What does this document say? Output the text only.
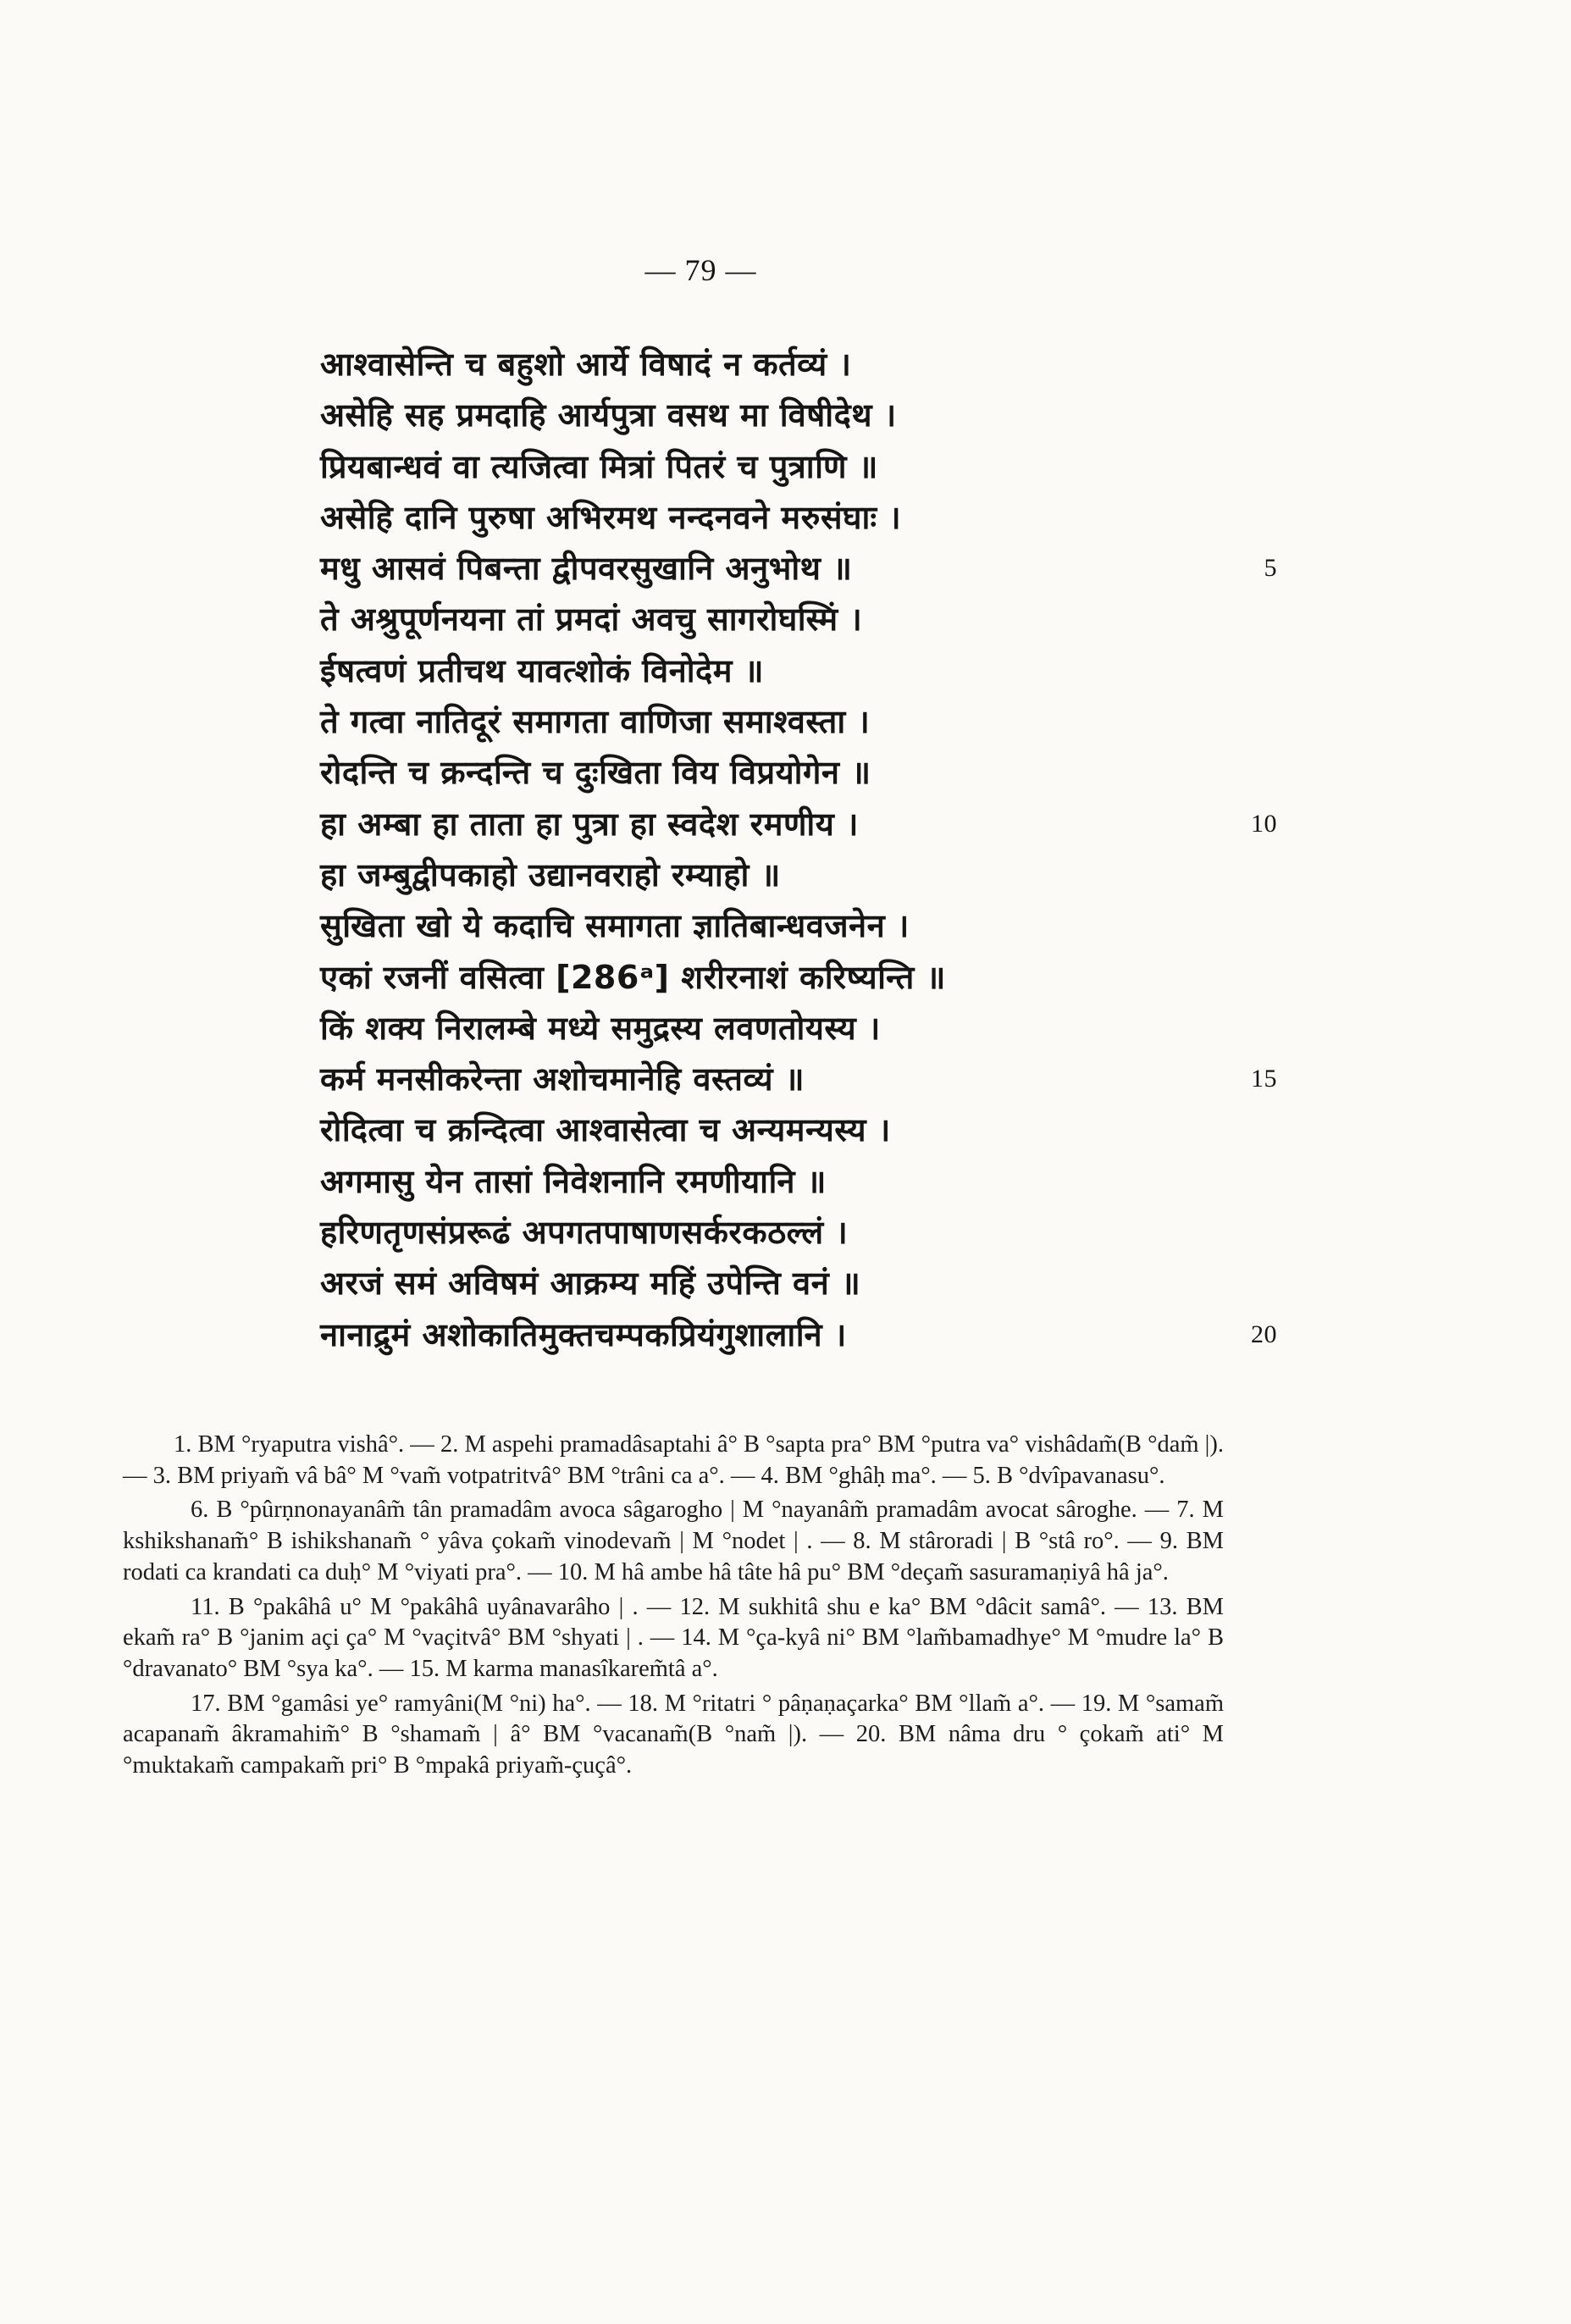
— 79 —
आश्वासेन्ति च बहुशो आर्ये विषादं न कर्तव्यं ।
असेहि सह प्रमदाहि आर्यपुत्रा वसथ मा विषीदेथ ।
प्रियबान्धवं वा त्यजित्वा मित्रां पितरं च पुत्राणि ॥
असेहि दानि पुरुषा अभिरमथ नन्दनवने मरुसंघाः ।
मधु आसवं पिबन्ता द्वीपवरसुखानि अनुभोथ ॥	5
ते अश्रुपूर्णनयना तां प्रमदां अवचु सागरोघस्मिं ।
ईषत्वणं प्रतीचथ यावत्शोकं विनोदेम ॥
ते गत्वा नातिदूरं समागता वाणिजा समाश्वस्ता ।
रोदन्ति च क्रन्दन्ति च दुःखिता विय विप्रयोगेन ॥
हा अम्बा हा ताता हा पुत्रा हा स्वदेश रमणीय ।	10
हा जम्बुद्वीपकाहो उद्यानवराहो रम्याहो ॥
सुखिता खो ये कदाचि समागता ज्ञातिबान्धवजनेन ।
एकां रजनीं वसित्वा [286ᵃ] शरीरनाशं करिष्यन्ति ॥
किं शक्य निरालम्बे मध्ये समुद्रस्य लवणतोयस्य ।
कर्म मनसीकरेन्ता अशोचमानेहि वस्तव्यं ॥	15
रोदित्वा च क्रन्दित्वा आश्वासेत्वा च अन्यमन्यस्य ।
अगमासु येन तासां निवेशनानि रमणीयानि ॥
हरिणतृणसंप्ररूढं अपगतपाषाणसर्करकठल्लं ।
अरजं समं अविषमं आक्रम्य महिं उपेन्ति वनं ॥
नानाद्रुमं अशोकातिमुक्तचम्पकप्रियंगुशालानि ।	20

1. BM °ryaputra vishâ°. — 2. M aspehi pramadâsaptahi â° B °sapta pra° BM °putra va° vishâdam̃(B °dam̃ |). — 3. BM priyam̃ vâ bâ° M °vam̃ votpatritvâ° BM °trâni ca a°. — 4. BM °ghâḥ ma°. — 5. B °dvîpavanasu°.

6. B °pûrṇnonayanâm̃ tân pramadâm avoca sâgarogho | M °nayanâm̃ pramadâm avocat sâroghe. — 7. M kshikshanam̃° B ishikshanam̃ ° yâva çokam̃ vinodevam̃ | M °nodet | . — 8. M stâroradi | B °stâ ro°. — 9. BM rodati ca krandati ca duḥ° M °viyati pra°. — 10. M hâ ambe hâ tâte hâ pu° BM °deçam̃ sasuramaṇiyâ hâ ja°.

11. B °pakâhâ u° M °pakâhâ uyânavarâho | . — 12. M sukhitâ shu e ka° BM °dâcit samâ°. — 13. BM ekam̃ ra° B °janim açi ça° M °vaçitvâ° BM °shyati | . — 14. M °ça-kyâ ni° BM °lam̃bamadhye° M °mudre la° B °dravanato° BM °sya ka°. — 15. M karma manasîkarem̃tâ a°.

17. BM °gamâsi ye° ramyâni(M °ni) ha°. — 18. M °ritatri ° pâṇaṇaçarka° BM °llam̃ a°. — 19. M °samam̃ acapanam̃ âkramahim̃° B °shamam̃ | â° BM °vacanam̃(B °nam̃ |). — 20. BM nâma dru ° çokam̃ ati° M °muktakam̃ campakam̃ pri° B °mpakâ priyam̃-çuçâ°.
